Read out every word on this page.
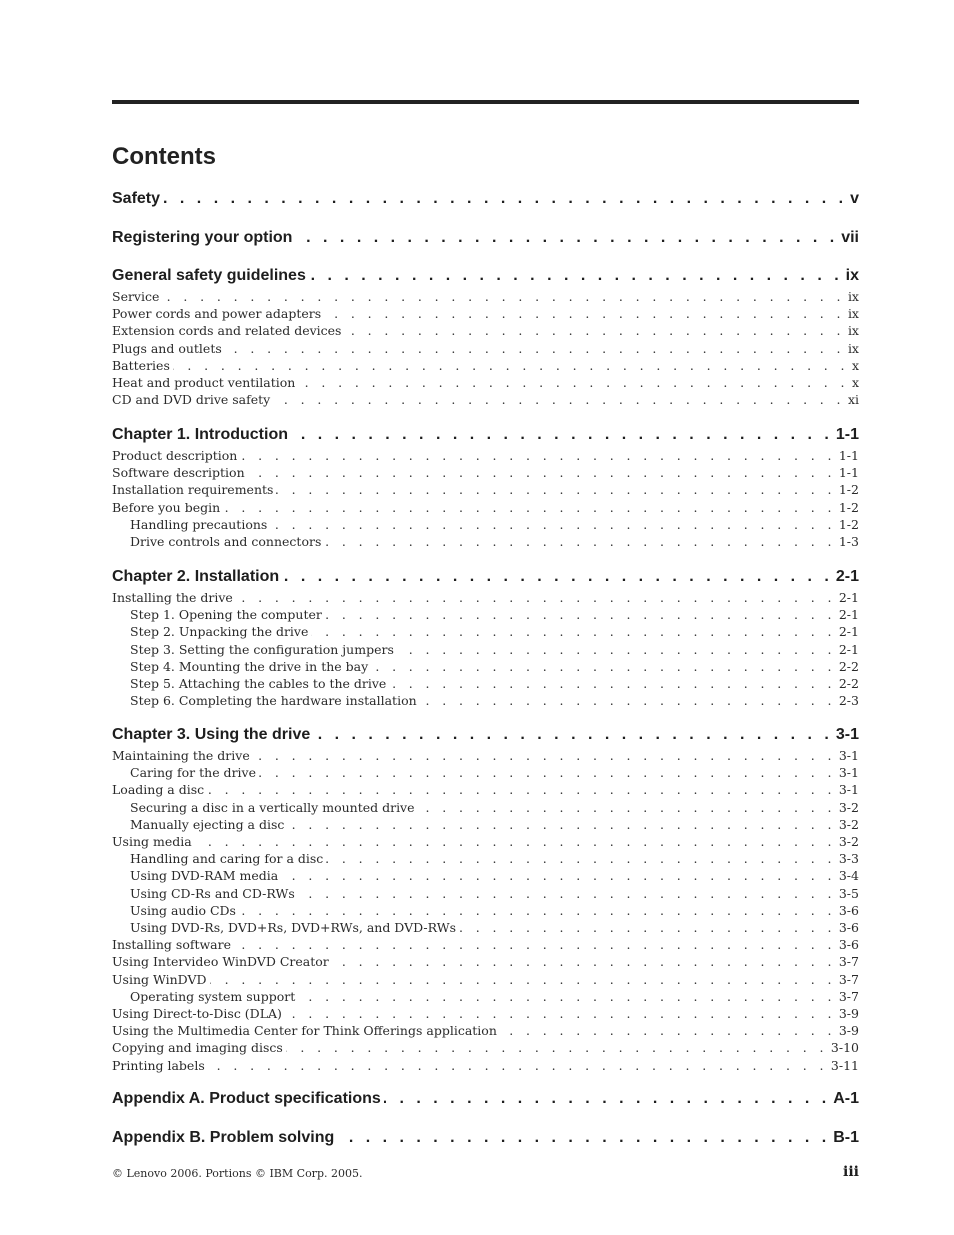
Contents
Safety . . .	v
Registering your option . . .	vii
General safety guidelines . . .	ix
Service . . .	ix
Power cords and power adapters . . .	ix
Extension cords and related devices . . .	ix
Plugs and outlets . . .	ix
Batteries . . .	x
Heat and product ventilation . . .	x
CD and DVD drive safety . . .	xi
Chapter 1. Introduction . . .	1-1
Product description . . .	1-1
Software description . . .	1-1
Installation requirements . . .	1-2
Before you begin . . .	1-2
Handling precautions . . .	1-2
Drive controls and connectors . . .	1-3
Chapter 2. Installation . . .	2-1
Installing the drive . . .	2-1
Step 1. Opening the computer . . .	2-1
Step 2. Unpacking the drive . . .	2-1
Step 3. Setting the configuration jumpers . . .	2-1
Step 4. Mounting the drive in the bay . . .	2-2
Step 5. Attaching the cables to the drive . . .	2-2
Step 6. Completing the hardware installation . . .	2-3
Chapter 3. Using the drive . . .	3-1
Maintaining the drive . . .	3-1
Caring for the drive . . .	3-1
Loading a disc . . .	3-1
Securing a disc in a vertically mounted drive . . .	3-2
Manually ejecting a disc . . .	3-2
Using media . . .	3-2
Handling and caring for a disc . . .	3-3
Using DVD-RAM media . . .	3-4
Using CD-Rs and CD-RWs . . .	3-5
Using audio CDs . . .	3-6
Using DVD-Rs, DVD+Rs, DVD+RWs, and DVD-RWs . . .	3-6
Installing software . . .	3-6
Using Intervideo WinDVD Creator . . .	3-7
Using WinDVD . . .	3-7
Operating system support . . .	3-7
Using Direct-to-Disc (DLA) . . .	3-9
Using the Multimedia Center for Think Offerings application . . .	3-9
Copying and imaging discs . . .	3-10
Printing labels . . .	3-11
Appendix A. Product specifications . . .	A-1
Appendix B. Problem solving . . .	B-1
© Lenovo 2006. Portions © IBM Corp. 2005.	iii
